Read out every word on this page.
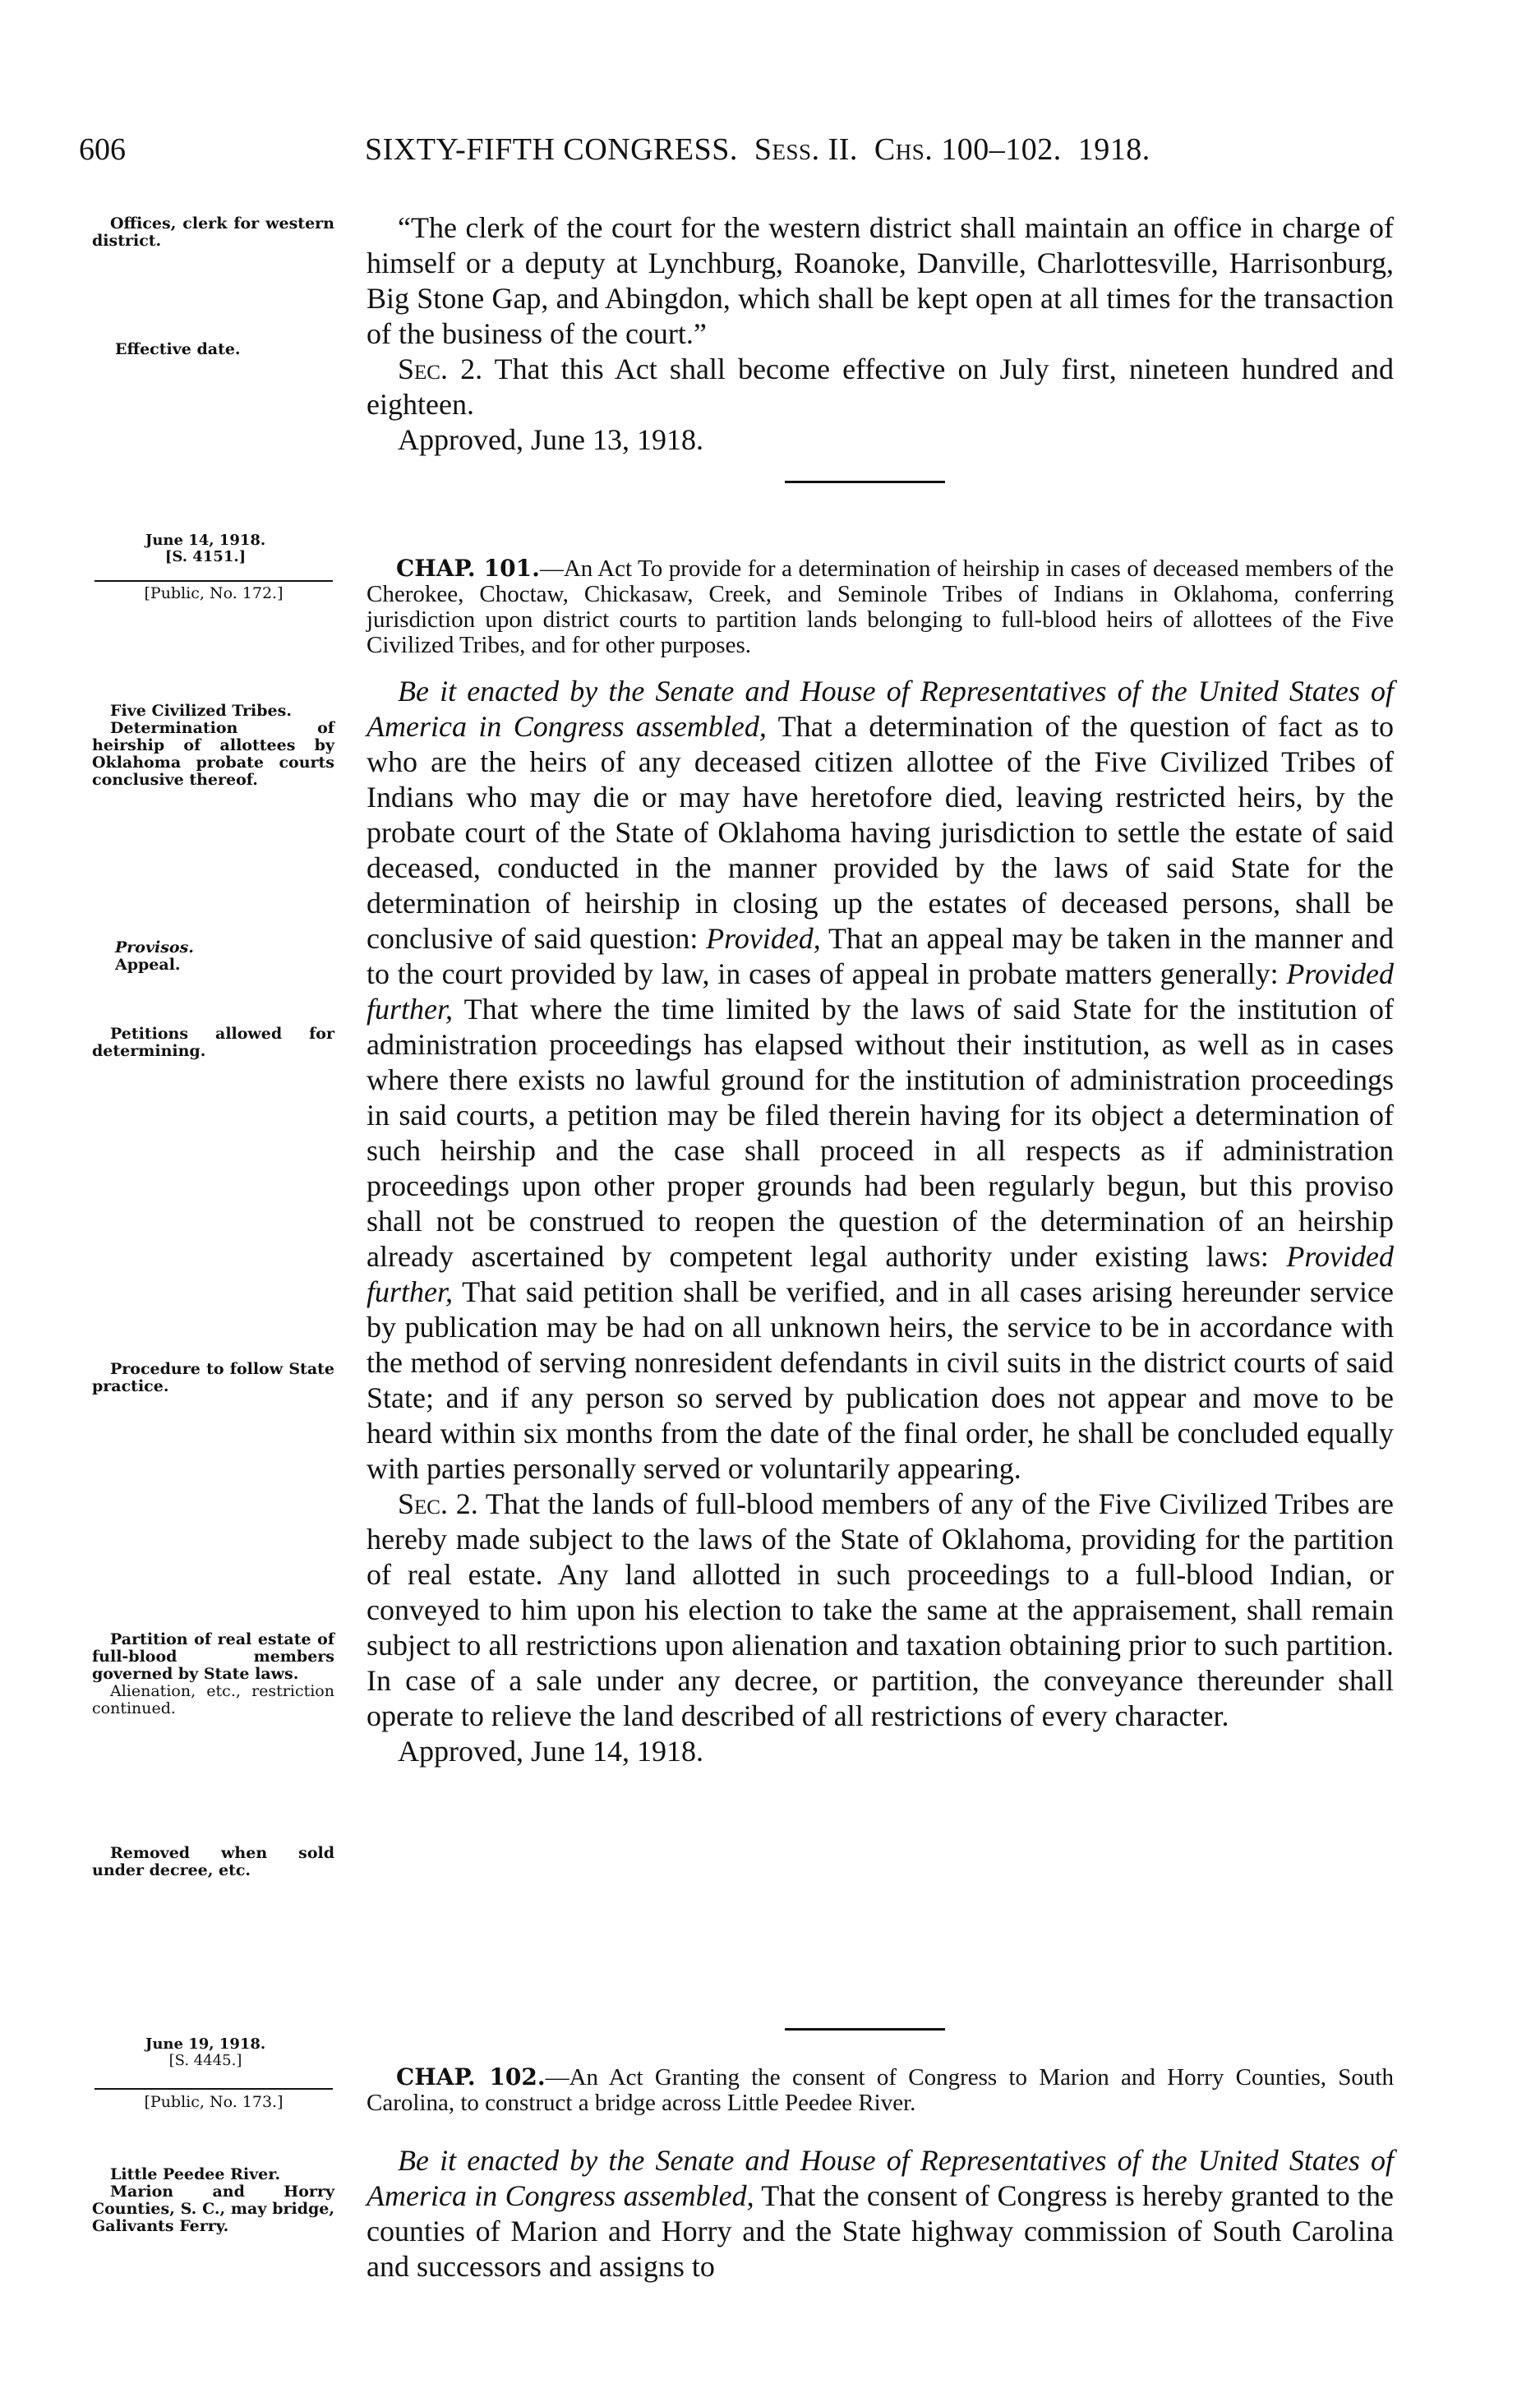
606	SIXTY-FIFTH CONGRESS. Sess. II. Chs. 100–102. 1918.
Offices, clerk for western district.
Effective date.

“The clerk of the court for the western district shall maintain an office in charge of himself or a deputy at Lynchburg, Roanoke, Danville, Charlottesville, Harrisonburg, Big Stone Gap, and Abingdon, which shall be kept open at all times for the transaction of the business of the court.”

Sec. 2. That this Act shall become effective on July first, nineteen hundred and eighteen.

Approved, June 13, 1918.

June 14, 1918.
[S. 4151.]
[Public, No. 172.]
CHAP. 101.—An Act To provide for a determination of heirship in cases of deceased members of the Cherokee, Choctaw, Chickasaw, Creek, and Seminole Tribes of Indians in Oklahoma, conferring jurisdiction upon district courts to partition lands belonging to full-blood heirs of allottees of the Five Civilized Tribes, and for other purposes.
Five Civilized Tribes.
Determination of heirship of allottees by Oklahoma probate courts conclusive thereof.
Provisos.
Appeal.
Petitions allowed for determining.
Procedure to follow State practice.
Partition of real estate of full-blood members governed by State laws.
Alienation, etc., restriction continued.
Removed when sold under decree, etc.

Be it enacted by the Senate and House of Representatives of the United States of America in Congress assembled, That a determination of the question of fact as to who are the heirs of any deceased citizen allottee of the Five Civilized Tribes of Indians who may die or may have heretofore died, leaving restricted heirs, by the probate court of the State of Oklahoma having jurisdiction to settle the estate of said deceased, conducted in the manner provided by the laws of said State for the determination of heirship in closing up the estates of deceased persons, shall be conclusive of said question: Provided, That an appeal may be taken in the manner and to the court provided by law, in cases of appeal in probate matters generally: Provided further, That where the time limited by the laws of said State for the institution of administration proceedings has elapsed without their institution, as well as in cases where there exists no lawful ground for the institution of administration proceedings in said courts, a petition may be filed therein having for its object a determination of such heirship and the case shall proceed in all respects as if administration proceedings upon other proper grounds had been regularly begun, but this proviso shall not be construed to reopen the question of the determination of an heirship already ascertained by competent legal authority under existing laws: Provided further, That said petition shall be verified, and in all cases arising hereunder service by publication may be had on all unknown heirs, the service to be in accordance with the method of serving nonresident defendants in civil suits in the district courts of said State; and if any person so served by publication does not appear and move to be heard within six months from the date of the final order, he shall be concluded equally with parties personally served or voluntarily appearing.

Sec. 2. That the lands of full-blood members of any of the Five Civilized Tribes are hereby made subject to the laws of the State of Oklahoma, providing for the partition of real estate. Any land allotted in such proceedings to a full-blood Indian, or conveyed to him upon his election to take the same at the appraisement, shall remain subject to all restrictions upon alienation and taxation obtaining prior to such partition. In case of a sale under any decree, or partition, the conveyance thereunder shall operate to relieve the land described of all restrictions of every character.

Approved, June 14, 1918.

June 19, 1918.
[S. 4445.]
[Public, No. 173.]
CHAP. 102.—An Act Granting the consent of Congress to Marion and Horry Counties, South Carolina, to construct a bridge across Little Peedee River.
Little Peedee River.
Marion and Horry Counties, S. C., may bridge, Galivants Ferry.

Be it enacted by the Senate and House of Representatives of the United States of America in Congress assembled, That the consent of Congress is hereby granted to the counties of Marion and Horry and the State highway commission of South Carolina and successors and assigns to
